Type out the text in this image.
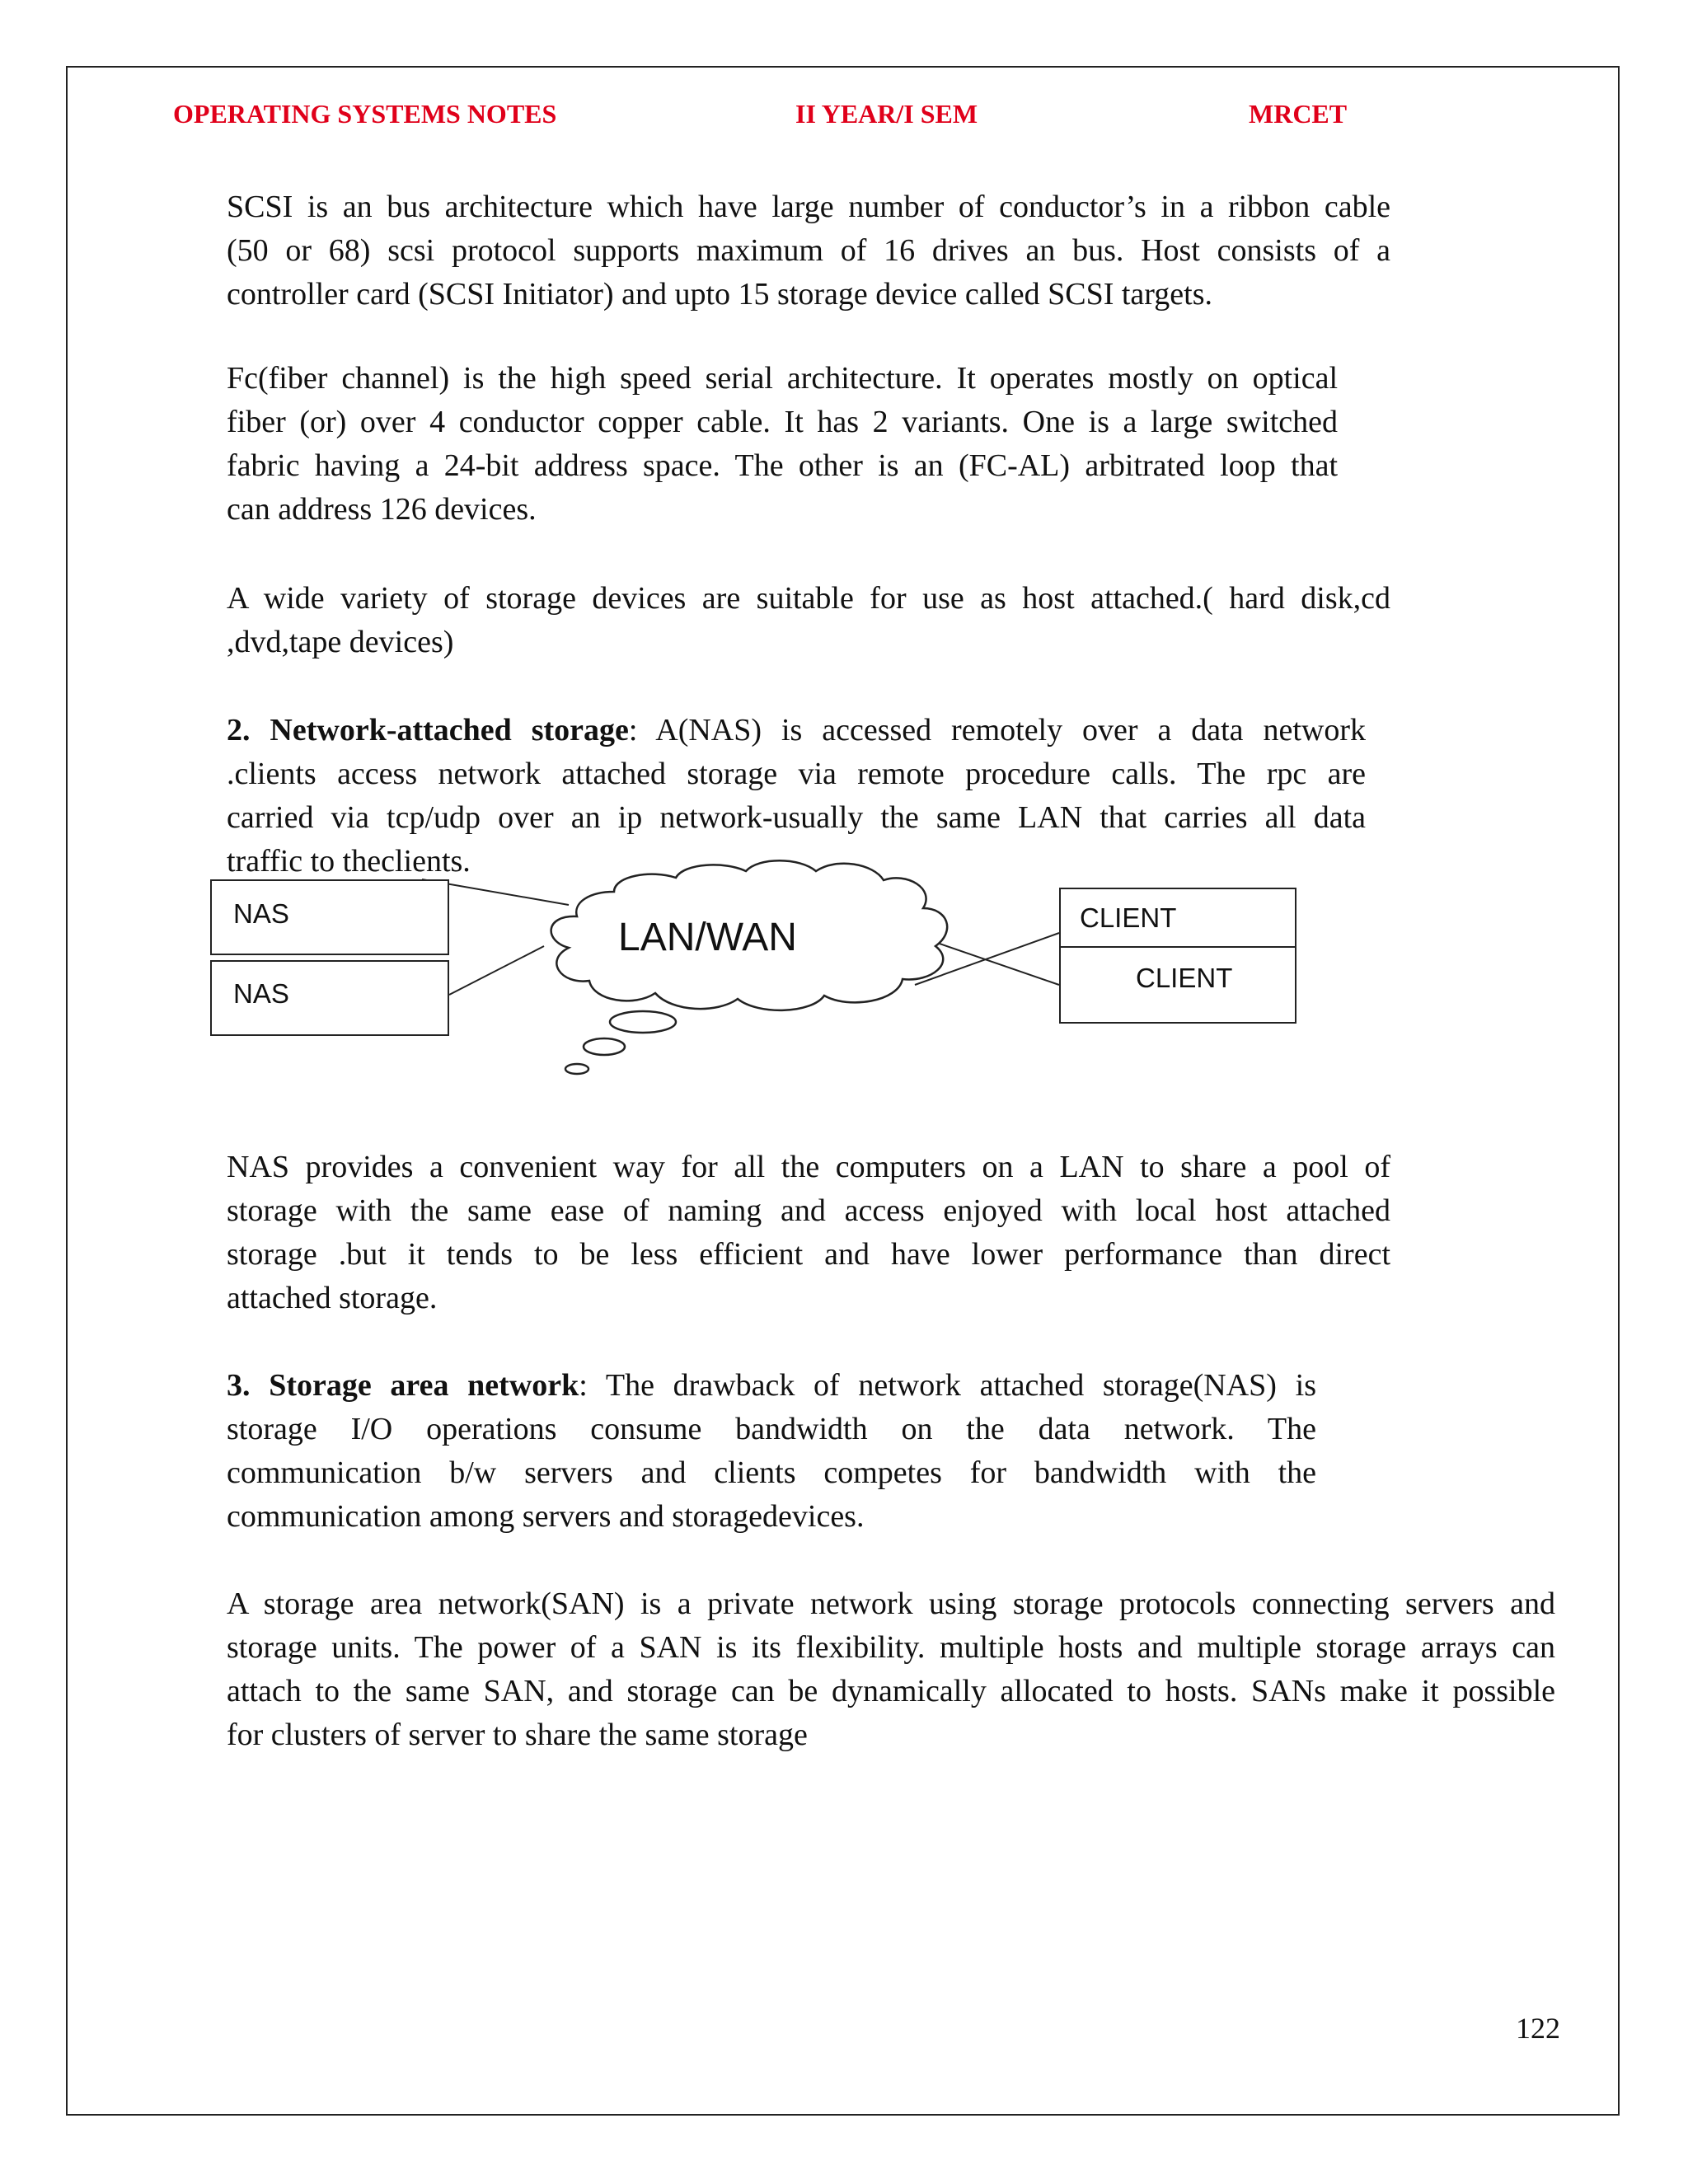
OPERATING SYSTEMS NOTES	II YEAR/I SEM	MRCET
SCSI is an bus architecture which have large number of conductor’s in a ribbon cable
(50 or 68) scsi protocol supports maximum of 16 drives an bus. Host consists of a
controller card (SCSI Initiator) and upto 15 storage device called SCSI targets.
Fc(fiber channel) is the high speed serial architecture. It operates mostly on optical
fiber (or) over 4 conductor copper cable. It has 2 variants. One is a large switched
fabric having a 24-bit address space. The other is an (FC-AL) arbitrated loop that
can address 126 devices.
A wide variety of storage devices are suitable for use as host attached.( hard disk,cd
,dvd,tape devices)
2. Network-attached storage: A(NAS) is accessed remotely over a data network
.clients access network attached storage via remote procedure calls. The rpc are
carried via tcp/udp over an ip network-usually the same LAN that carries all data
traffic to theclients.
NAS
NAS
LAN/WAN	CLIENT
CLIENT
NAS provides a convenient way for all the computers on a LAN to share a pool of
storage with the same ease of naming and access enjoyed with local host attached
storage .but it tends to be less efficient and have lower performance than direct
attached storage.
3. Storage area network: The drawback of network attached storage(NAS) is
storage I/O operations consume bandwidth on the data network. The
communication b/w servers and clients competes for bandwidth with the
communication among servers and storagedevices.
A storage area network(SAN) is a private network using storage protocols connecting servers and
storage units. The power of a SAN is its flexibility. multiple hosts and multiple storage arrays can
attach to the same SAN, and storage can be dynamically allocated to hosts. SANs make it possible
for clusters of server to share the same storage
122
